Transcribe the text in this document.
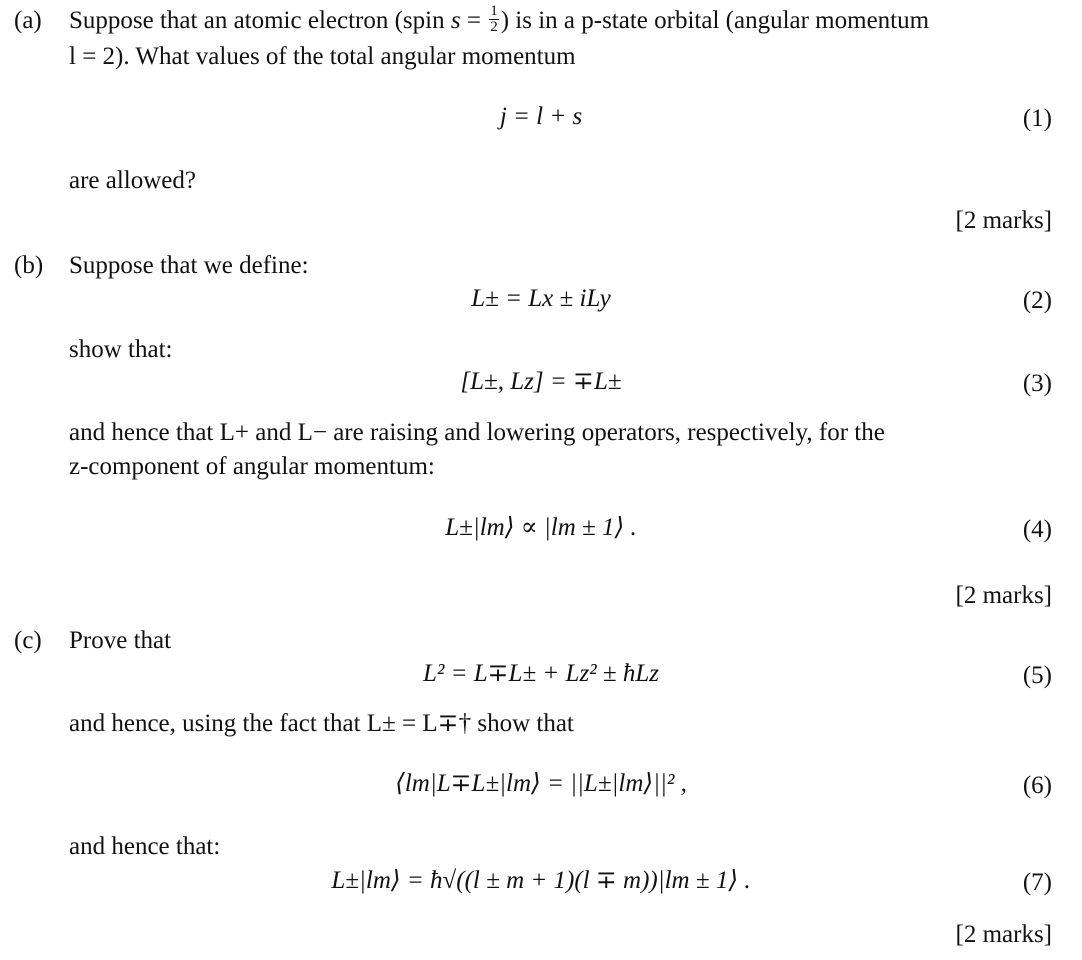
(a) Suppose that an atomic electron (spin $s = \frac{1}{2}$ ) is in a p-state orbital (angular momentum
l = 2). What values of the total angular momentum
j = l + s	(1)
are allowed?
[2 marks]
(b) Suppose that we define:
L± = Lx ± iLy	(2)
show that:
[L±, Lz] = ∓L±	(3)
and hence that L+ and L− are raising and lowering operators, respectively, for the
z-component of angular momentum:
L±|lm⟩ ∝ |lm ± 1⟩ .	(4)
[2 marks]
(c) Prove that
L² = L∓L± + Lz² ± ħLz	(5)
and hence, using the fact that L± = L∓† show that
⟨lm|L∓L±|lm⟩ = ||L±|lm⟩||² ,	(6)
and hence that:
L±|lm⟩ = ħ√((l ± m + 1)(l ∓ m))|lm ± 1⟩ .	(7)
[2 marks]
